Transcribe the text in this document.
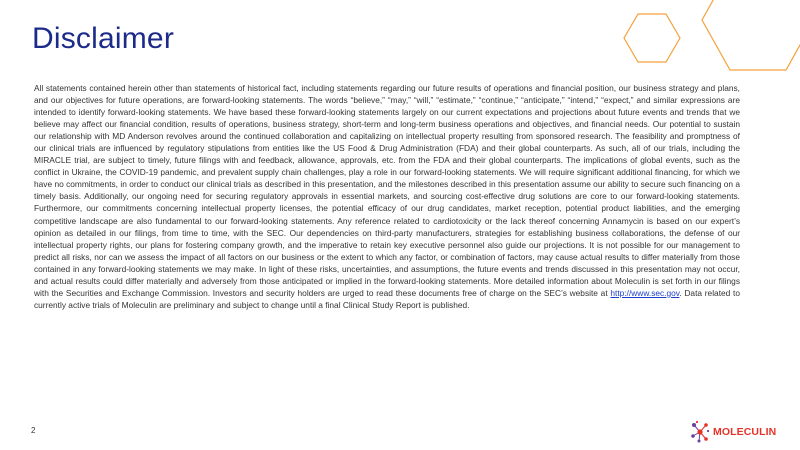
Disclaimer
All statements contained herein other than statements of historical fact, including statements regarding our future results of operations and financial position, our business strategy and plans, and our objectives for future operations, are forward-looking statements. The words “believe,” “may,” “will,” “estimate,” “continue,” “anticipate,” “intend,” “expect,” and similar expressions are intended to identify forward-looking statements. We have based these forward-looking statements largely on our current expectations and projections about future events and trends that we believe may affect our financial condition, results of operations, business strategy, short-term and long-term business operations and objectives, and financial needs. Our potential to sustain our relationship with MD Anderson revolves around the continued collaboration and capitalizing on intellectual property resulting from sponsored research. The feasibility and promptness of our clinical trials are influenced by regulatory stipulations from entities like the US Food & Drug Administration (FDA) and their global counterparts. As such, all of our trials, including the MIRACLE trial, are subject to timely, future filings with and feedback, allowance, approvals, etc. from the FDA and their global counterparts. The implications of global events, such as the conflict in Ukraine, the COVID-19 pandemic, and prevalent supply chain challenges, play a role in our forward-looking statements. We will require significant additional financing, for which we have no commitments, in order to conduct our clinical trials as described in this presentation, and the milestones described in this presentation assume our ability to secure such financing on a timely basis. Additionally, our ongoing need for securing regulatory approvals in essential markets, and sourcing cost-effective drug solutions are core to our forward-looking statements. Furthermore, our commitments concerning intellectual property licenses, the potential efficacy of our drug candidates, market reception, potential product liabilities, and the emerging competitive landscape are also fundamental to our forward-looking statements. Any reference related to cardiotoxicity or the lack thereof concerning Annamycin is based on our expert’s opinion as detailed in our filings, from time to time, with the SEC. Our dependencies on third-party manufacturers, strategies for establishing business collaborations, the defense of our intellectual property rights, our plans for fostering company growth, and the imperative to retain key executive personnel also guide our projections. It is not possible for our management to predict all risks, nor can we assess the impact of all factors on our business or the extent to which any factor, or combination of factors, may cause actual results to differ materially from those contained in any forward-looking statements we may make. In light of these risks, uncertainties, and assumptions, the future events and trends discussed in this presentation may not occur, and actual results could differ materially and adversely from those anticipated or implied in the forward-looking statements. More detailed information about Moleculin is set forth in our filings with the Securities and Exchange Commission. Investors and security holders are urged to read these documents free of charge on the SEC’s website at http://www.sec.gov. Data related to currently active trials of Moleculin are preliminary and subject to change until a final Clinical Study Report is published.
2	MOLECULIN
